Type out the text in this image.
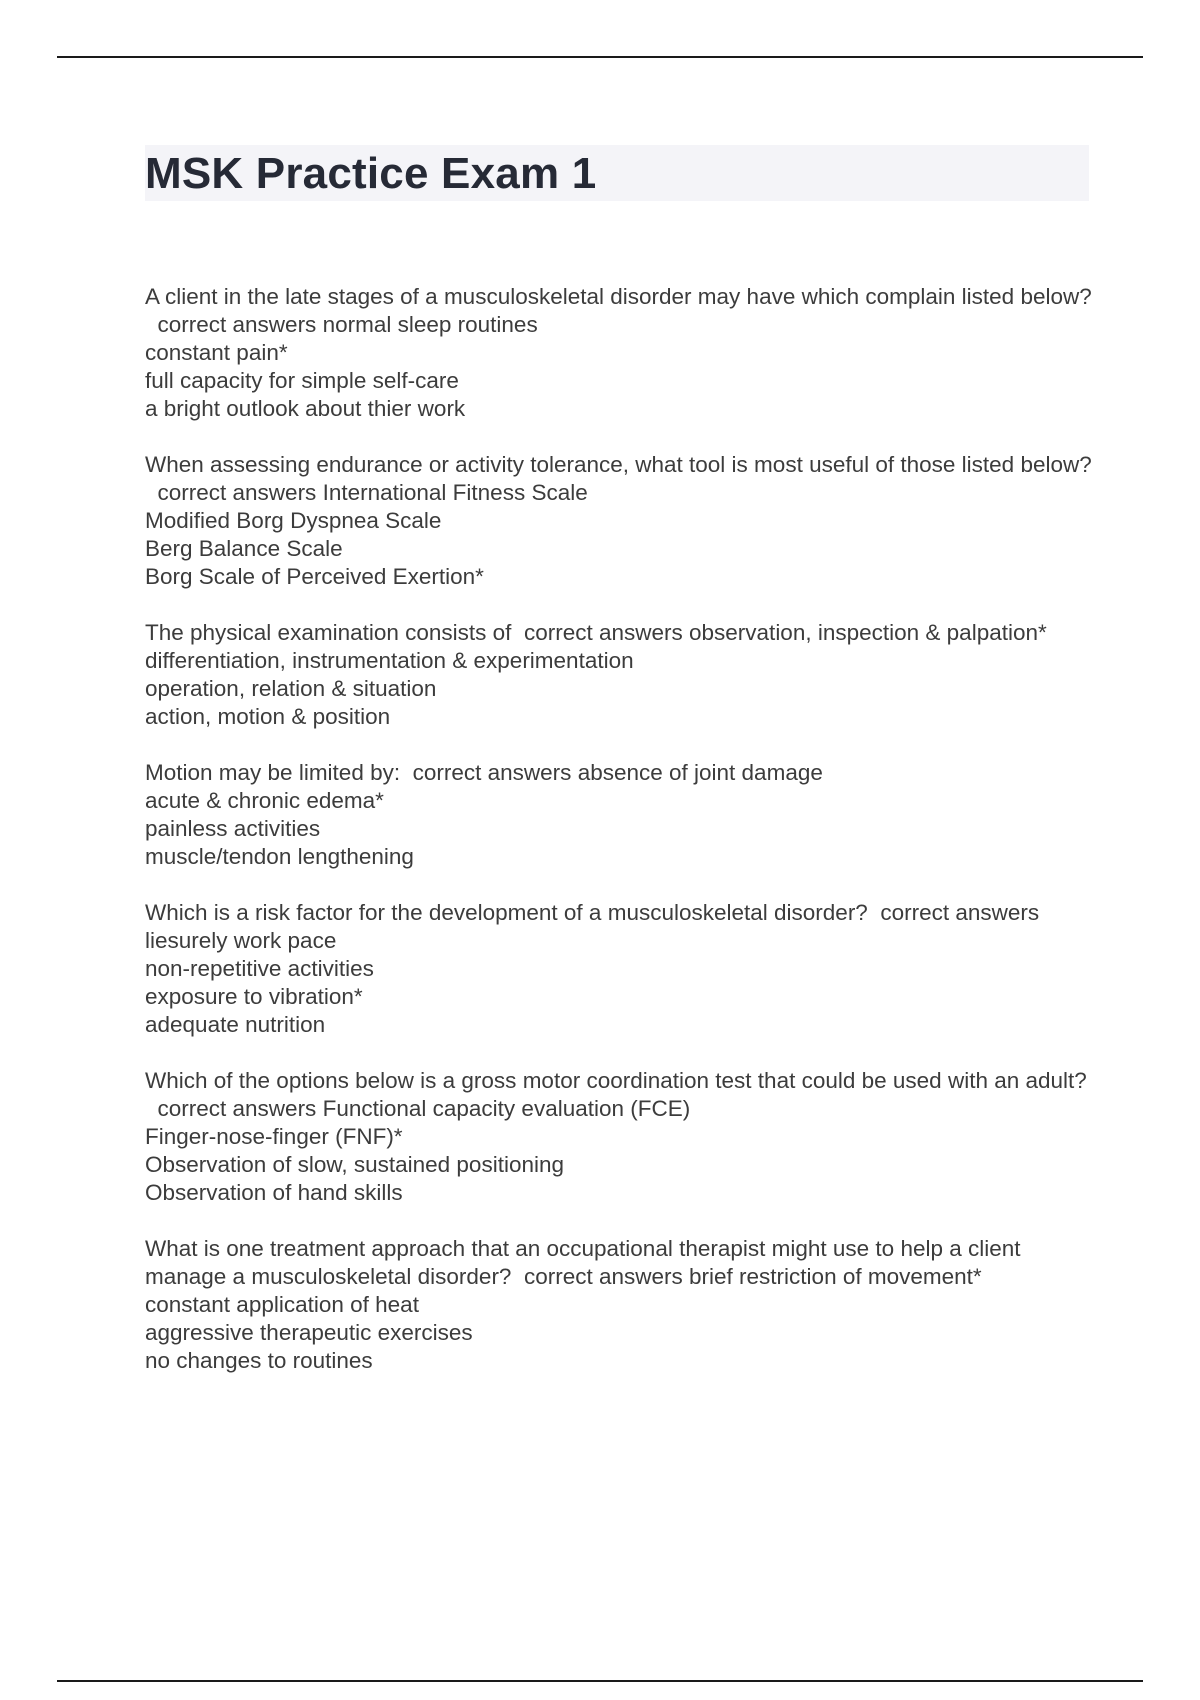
MSK Practice Exam 1

A client in the late stages of a musculoskeletal disorder may have which complain listed below?  correct answers normal sleep routines

constant pain*

full capacity for simple self-care

a bright outlook about thier work

When assessing endurance or activity tolerance, what tool is most useful of those listed below?  correct answers International Fitness Scale

Modified Borg Dyspnea Scale

Berg Balance Scale

Borg Scale of Perceived Exertion*

The physical examination consists of correct answers observation, inspection & palpation*

differentiation, instrumentation & experimentation

operation, relation & situation

action, motion & position

Motion may be limited by: correct answers absence of joint damage

acute & chronic edema*

painless activities

muscle/tendon lengthening

Which is a risk factor for the development of a musculoskeletal disorder? correct answers liesurely work pace

non-repetitive activities

exposure to vibration*

adequate nutrition

Which of the options below is a gross motor coordination test that could be used with an adult?  correct answers Functional capacity evaluation (FCE)

Finger-nose-finger (FNF)*

Observation of slow, sustained positioning

Observation of hand skills

What is one treatment approach that an occupational therapist might use to help a client manage a musculoskeletal disorder? correct answers brief restriction of movement*

constant application of heat

aggressive therapeutic exercises

no changes to routines
